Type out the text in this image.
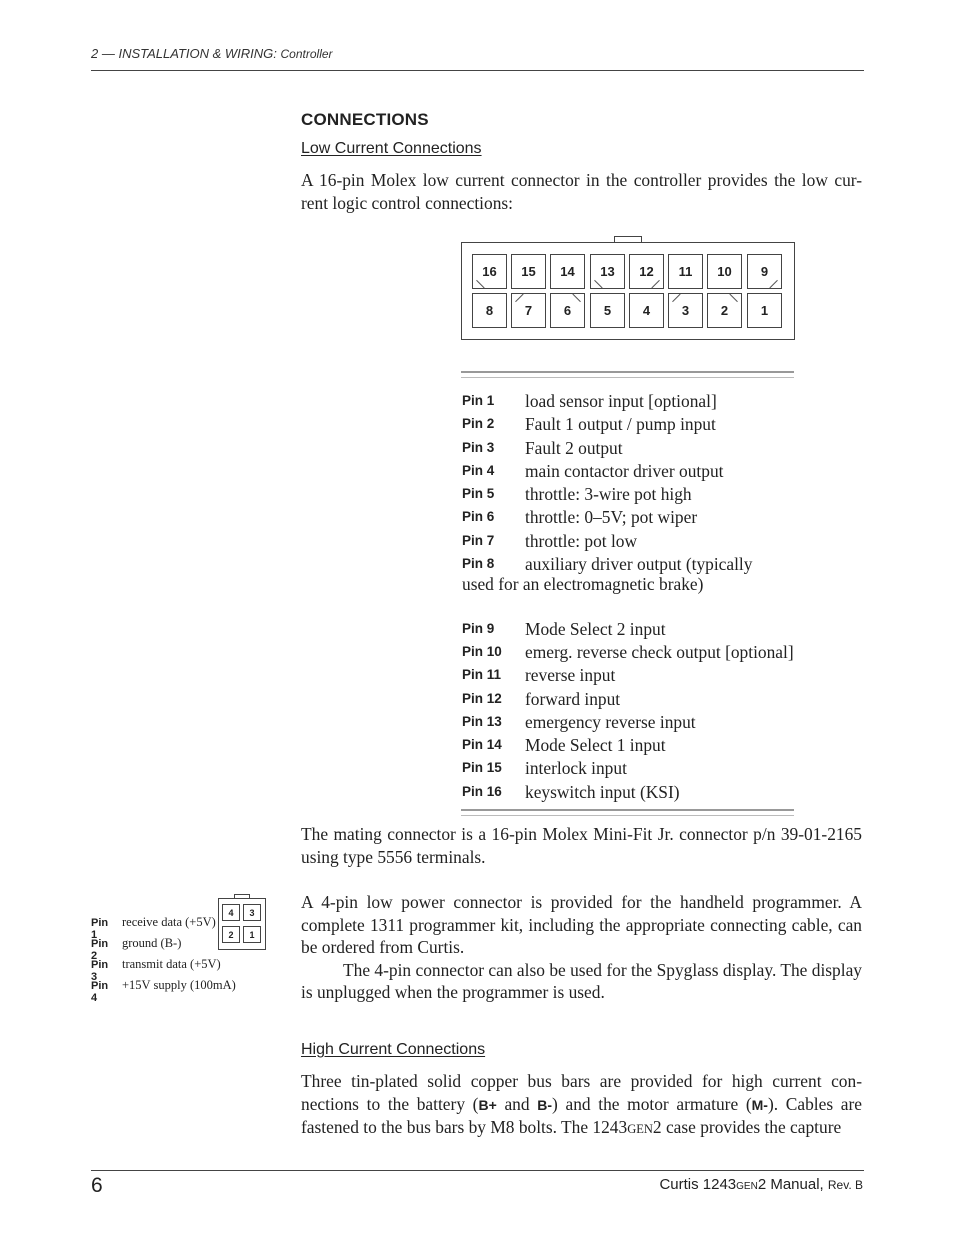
2 — INSTALLATION & WIRING: Controller
CONNECTIONS
Low Current Connections

A 16-pin Molex low current connector in the controller provides the low cur-rent logic control connections:

16 15 14 13 12 11 10 9
8 7 6	5 4 3 2	1
Pin 1 load sensor input [optional]
Pin 2 Fault 1 output / pump input
Pin 3 Fault 2 output
Pin 4 main contactor driver output
Pin 5 throttle: 3-wire pot high
Pin 6 throttle: 0–5V; pot wiper
Pin 7 throttle: pot low
Pin 8 auxiliary driver output (typically
used for an electromagnetic brake)
Pin 9 Mode Select 2 input
Pin 10 emerg. reverse check output [optional]
Pin 11 reverse input
Pin 12 forward input
Pin 13 emergency reverse input
Pin 14 Mode Select 1 input
Pin 15 interlock input
Pin 16 keyswitch input (KSI)

The mating connector is a 16-pin Molex Mini-Fit Jr. connector p/n 39-01-2165 using type 5556 terminals.

4	3
2	1
Pin 1
receive data (+5V)
Pin 2
ground (B-)
Pin 3
transmit data (+5V)
Pin 4
+15V supply (100mA)

A 4-pin low power connector is provided for the handheld programmer. A complete 1311 programmer kit, including the appropriate connecting cable, can be ordered from Curtis.

The 4-pin connector can also be used for the Spyglass display. The display is unplugged when the programmer is used.

High Current Connections

Three tin-plated solid copper bus bars are provided for high current con-nections to the battery (B+ and B-) and the motor armature (M-). Cables are fastened to the bus bars by M8 bolts. The 1243GEN2 case provides the capture

6	Curtis 1243GEN2 Manual, Rev. B
